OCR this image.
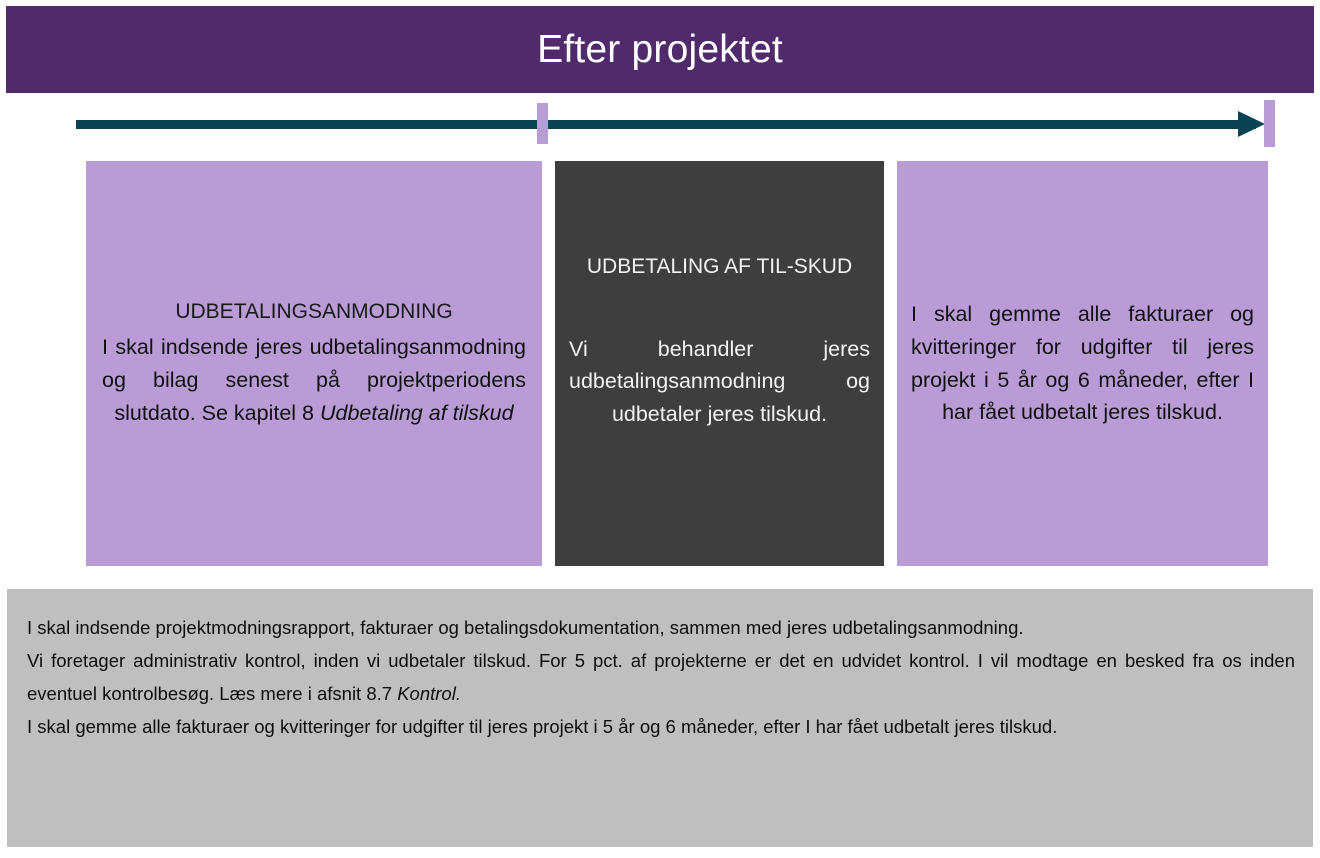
Efter projektet
UDBETALINGSANMODNING
I skal indsende jeres udbetalingsanmodning og bilag senest på projektperiodens slutdato. Se kapitel 8 Udbetaling af tilskud
UDBETALING AF TIL-SKUD
Vi behandler jeres udbetalingsanmodning og udbetaler jeres tilskud.
I skal gemme alle fakturaer og kvitteringer for udgifter til jeres projekt i 5 år og 6 måneder, efter I har fået udbetalt jeres tilskud.

I skal indsende projektmodningsrapport, fakturaer og betalingsdokumentation, sammen med jeres udbetalingsanmodning.

Vi foretager administrativ kontrol, inden vi udbetaler tilskud. For 5 pct. af projekterne er det en udvidet kontrol. I vil modtage en besked fra os inden eventuel kontrolbesøg. Læs mere i afsnit 8.7 Kontrol.

I skal gemme alle fakturaer og kvitteringer for udgifter til jeres projekt i 5 år og 6 måneder, efter I har fået udbetalt jeres tilskud.
